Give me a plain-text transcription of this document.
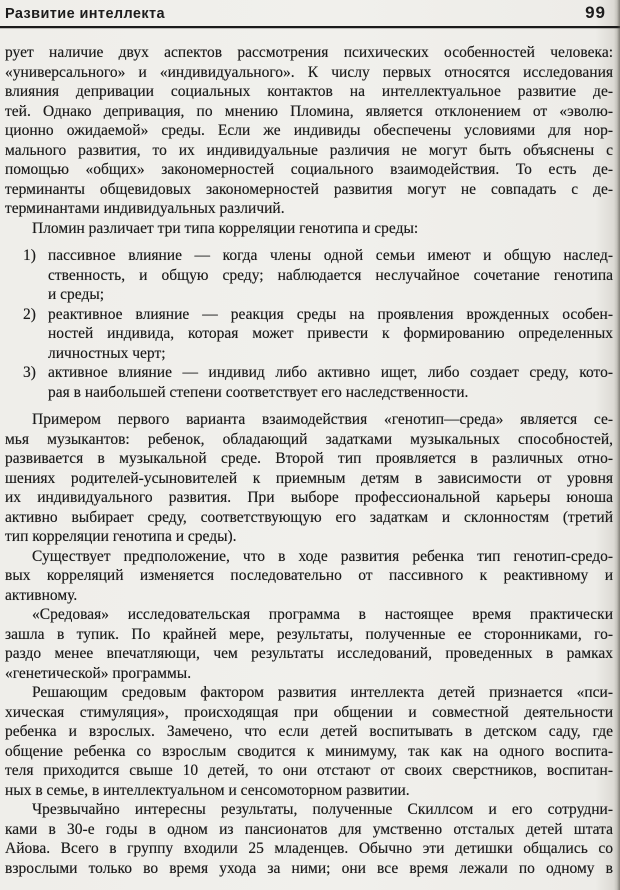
Развитие интеллекта	99
рует наличие двух аспектов рассмотрения психических особенностей человека:
«универсального» и «индивидуального». К числу первых относятся исследования
влияния депривации социальных контактов на интеллектуальное развитие де-
тей. Однако депривация, по мнению Пломина, является отклонением от «эволю-
ционно ожидаемой» среды. Если же индивиды обеспечены условиями для нор-
мального развития, то их индивидуальные различия не могут быть объяснены с
помощью «общих» закономерностей социального взаимодействия. То есть де-
терминанты общевидовых закономерностей развития могут не совпадать с де-
терминантами индивидуальных различий.
Пломин различает три типа корреляции генотипа и среды:
1) пассивное влияние — когда члены одной семьи имеют и общую наслед-
ственность, и общую среду; наблюдается неслучайное сочетание генотипа
и среды;
2) реактивное влияние — реакция среды на проявления врожденных особен-
ностей индивида, которая может привести к формированию определенных
личностных черт;
3) активное влияние — индивид либо активно ищет, либо создает среду, кото-
рая в наибольшей степени соответствует его наследственности.
Примером первого варианта взаимодействия «генотип—среда» является се-
мья музыкантов: ребенок, обладающий задатками музыкальных способностей,
развивается в музыкальной среде. Второй тип проявляется в различных отно-
шениях родителей-усыновителей к приемным детям в зависимости от уровня
их индивидуального развития. При выборе профессиональной карьеры юноша
активно выбирает среду, соответствующую его задаткам и склонностям (третий
тип корреляции генотипа и среды).
Существует предположение, что в ходе развития ребенка тип генотип-средо-
вых корреляций изменяется последовательно от пассивного к реактивному и
активному.
«Средовая» исследовательская программа в настоящее время практически
зашла в тупик. По крайней мере, результаты, полученные ее сторонниками, го-
раздо менее впечатляющи, чем результаты исследований, проведенных в рамках
«генетической» программы.
Решающим средовым фактором развития интеллекта детей признается «пси-
хическая стимуляция», происходящая при общении и совместной деятельности
ребенка и взрослых. Замечено, что если детей воспитывать в детском саду, где
общение ребенка со взрослым сводится к минимуму, так как на одного воспита-
теля приходится свыше 10 детей, то они отстают от своих сверстников, воспитан-
ных в семье, в интеллектуальном и сенсомоторном развитии.
Чрезвычайно интересны результаты, полученные Скиллсом и его сотрудни-
ками в 30-е годы в одном из пансионатов для умственно отсталых детей штата
Айова. Всего в группу входили 25 младенцев. Обычно эти детишки общались со
взрослыми только во время ухода за ними; они все время лежали по одному в
